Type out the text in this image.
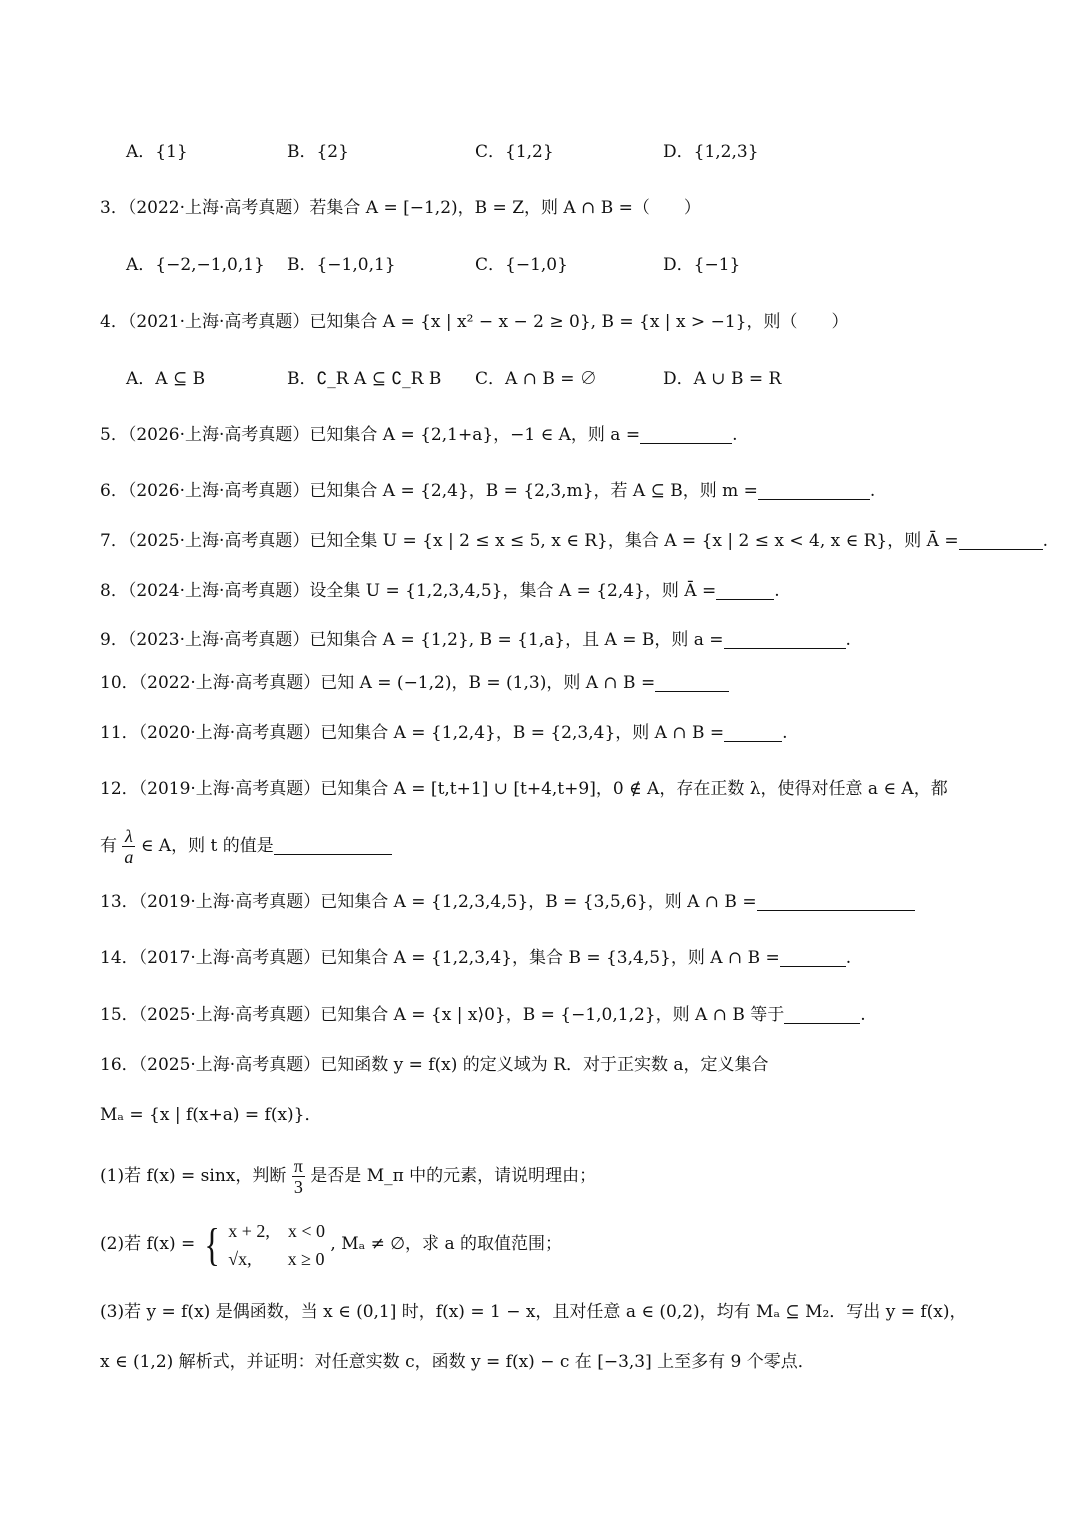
A．{1}	B．{2}	C．{1,2}	D．{1,2,3}
3．（2022·上海·高考真题）若集合 A = [−1,2)，B = Z，则 A ∩ B =（　　）
A．{−2,−1,0,1} B．{−1,0,1}	C．{−1,0}	D．{−1}
4．（2021·上海·高考真题）已知集合 A = {x | x² − x − 2 ≥ 0}, B = {x | x > −1}，则（　　）
A．A ⊆ B	B．∁_R A ⊆ ∁_R B C．A ∩ B = ∅	D．A ∪ B = R
5．（2026·上海·高考真题）已知集合 A = {2,1+a}，−1 ∈ A，则 a =	.
6．（2026·上海·高考真题）已知集合 A = {2,4}，B = {2,3,m}，若 A ⊆ B，则 m =	.
7．（2025·上海·高考真题）已知全集 U = {x | 2 ≤ x ≤ 5, x ∈ R}，集合 A = {x | 2 ≤ x < 4, x ∈ R}，则 Ā =	.
8．（2024·上海·高考真题）设全集 U = {1,2,3,4,5}，集合 A = {2,4}，则 Ā =	.
9．（2023·上海·高考真题）已知集合 A = {1,2}, B = {1,a}，且 A = B，则 a =	.
10．（2022·上海·高考真题）已知 A = (−1,2)，B = (1,3)，则 A ∩ B =
11．（2020·上海·高考真题）已知集合 A = {1,2,4}，B = {2,3,4}，则 A ∩ B =	.
12．（2019·上海·高考真题）已知集合 A = [t,t+1] ∪ [t+4,t+9]，0 ∉ A，存在正数 λ，使得对任意 a ∈ A，都
有 $\frac{\lambda}{a}$ ∈ A，则 t 的值是
13．（2019·上海·高考真题）已知集合 A = {1,2,3,4,5}，B = {3,5,6}，则 A ∩ B =
14．（2017·上海·高考真题）已知集合 A = {1,2,3,4}，集合 B = {3,4,5}，则 A ∩ B =	.
15．（2025·上海·高考真题）已知集合 A = {x | x⟩0}，B = {−1,0,1,2}，则 A ∩ B 等于	.
16．（2025·上海·高考真题）已知函数 y = f(x) 的定义域为 R．对于正实数 a，定义集合
Mₐ = {x | f(x+a) = f(x)}．
(1)若 f(x) = sinx，判断 $\frac{\pi}{3}$ 是否是 M_π 中的元素，请说明理由；
(2)若 f(x) = { x + 2,　x < 0
√x,　　x ≥ 0
, Mₐ ≠ ∅，求 a 的取值范围；
(3)若 y = f(x) 是偶函数，当 x ∈ (0,1] 时，f(x) = 1 − x，且对任意 a ∈ (0,2)，均有 Mₐ ⊆ M₂．写出 y = f(x)，
x ∈ (1,2) 解析式，并证明：对任意实数 c，函数 y = f(x) − c 在 [−3,3] 上至多有 9 个零点．
